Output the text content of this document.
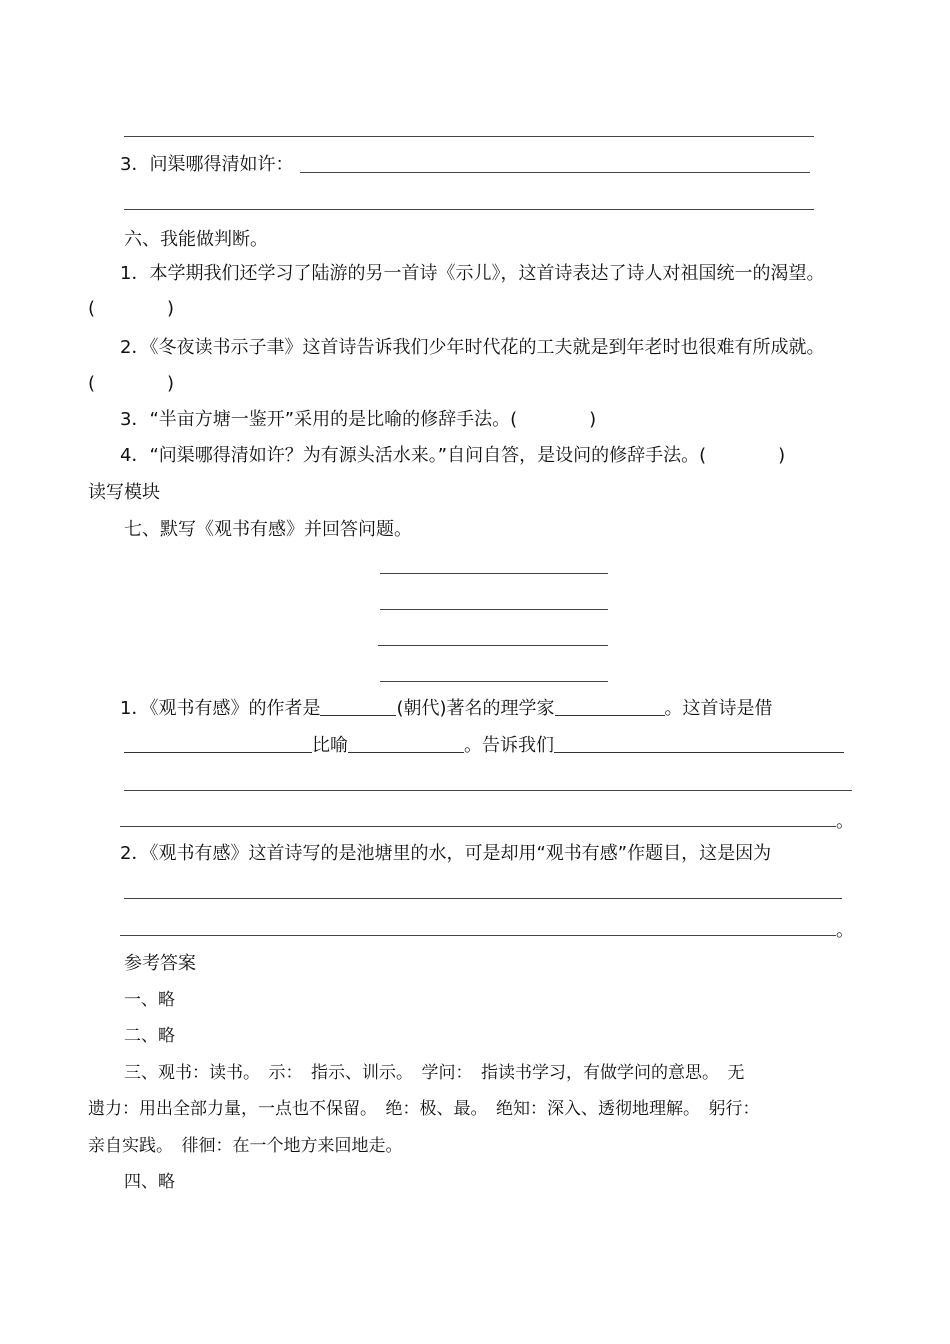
3．问渠哪得清如许：
六、我能做判断。
1．本学期我们还学习了陆游的另一首诗《示儿》，这首诗表达了诗人对祖国统一的渴望。
(　　　　)
2．《冬夜读书示子聿》这首诗告诉我们少年时代花的工夫就是到年老时也很难有所成就。
(　　　　)
3．“半亩方塘一鉴开”采用的是比喻的修辞手法。(　　　　)
4．“问渠哪得清如许？为有源头活水来。”自问自答，是设问的修辞手法。(　　　　)
读写模块
七、默写《观书有感》并回答问题。
1．《观书有感》的作者是	(朝代)著名的理学家	。这首诗是借
比喻	。告诉我们
。
2．《观书有感》这首诗写的是池塘里的水，可是却用“观书有感”作题目，这是因为
。
参考答案
一、略
二、略
三、观书：读书。　示：　指示、训示。　学问：　指读书学习，有做学问的意思。　无
遗力：用出全部力量，一点也不保留。　绝：极、最。　绝知：深入、透彻地理解。　躬行：
亲自实践。　徘徊：在一个地方来回地走。
四、略
